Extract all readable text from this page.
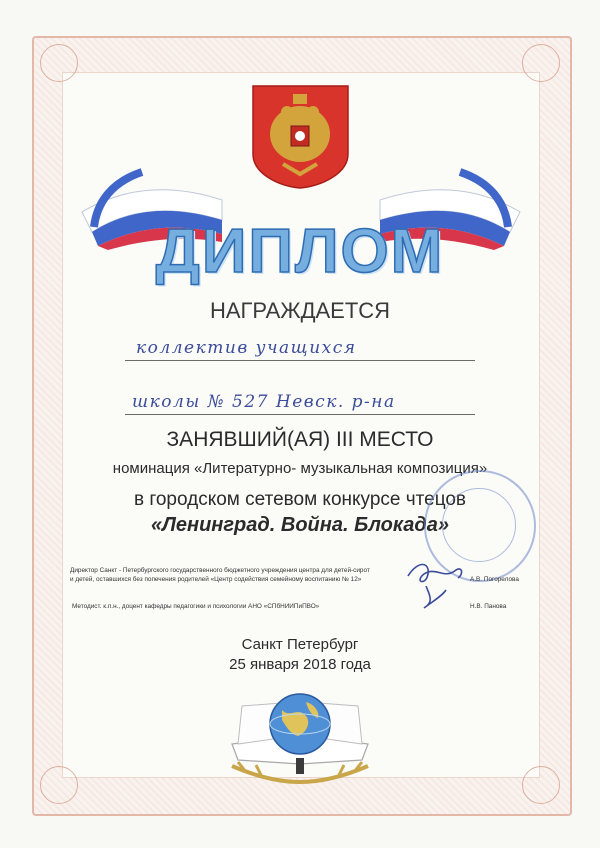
ДИПЛОМ
НАГРАЖДАЕТСЯ
коллектив учащихся
школы № 527 Невск. р-на
ЗАНЯВШИЙ(АЯ) III МЕСТО
номинация «Литературно- музыкальная композиция»
в городском сетевом конкурсе чтецов
«Ленинград. Война. Блокада»
Директор Санкт - Петербургского государственного бюджетного учреждения центра для детей-сирот
и детей, оставшихся без попечения родителей «Центр содействия семейному воспитанию № 12»	А.В. Погорелова
Методист. к.п.н., доцент кафедры педагогики и психологии АНО «СПбНИИПиПВО»	Н.В. Панова
Санкт Петербург
25 января 2018 года
